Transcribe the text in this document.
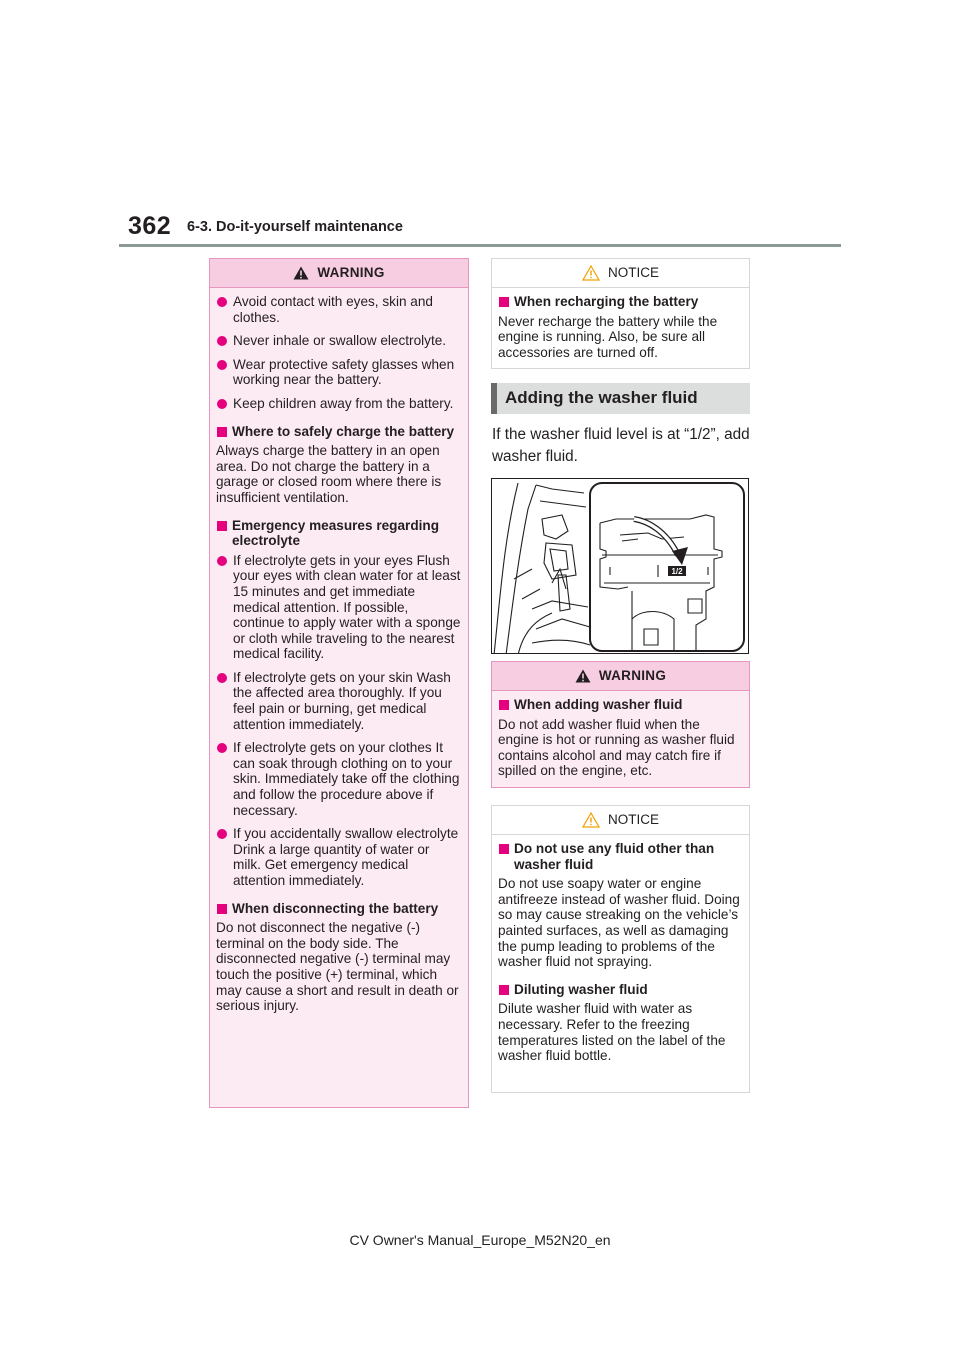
362 6-3. Do-it-yourself maintenance
WARNING
Avoid contact with eyes, skin and clothes.
Never inhale or swallow electrolyte.
Wear protective safety glasses when working near the battery.
Keep children away from the battery.
Where to safely charge the battery

Always charge the battery in an open area. Do not charge the battery in a garage or closed room where there is insufficient ventilation.

Emergency measures regarding electrolyte
If electrolyte gets in your eyes Flush your eyes with clean water for at least 15 minutes and get immediate medical attention. If possible, continue to apply water with a sponge or cloth while traveling to the nearest medical facility.
If electrolyte gets on your skin Wash the affected area thoroughly. If you feel pain or burning, get medical attention immediately.
If electrolyte gets on your clothes It can soak through clothing on to your skin. Immediately take off the clothing and follow the procedure above if necessary.
If you accidentally swallow electrolyte Drink a large quantity of water or milk. Get emergency medical attention immediately.
When disconnecting the battery

Do not disconnect the negative (-) terminal on the body side. The disconnected negative (-) terminal may touch the positive (+) terminal, which may cause a short and result in death or serious injury.

NOTICE
When recharging the battery

Never recharge the battery while the engine is running. Also, be sure all accessories are turned off.

Adding the washer fluid
If the washer fluid level is at “1/2”, add washer fluid.
1/2
WARNING
When adding washer fluid

Do not add washer fluid when the engine is hot or running as washer fluid contains alcohol and may catch fire if spilled on the engine, etc.

NOTICE
Do not use any fluid other than washer fluid

Do not use soapy water or engine antifreeze instead of washer fluid. Doing so may cause streaking on the vehicle’s painted surfaces, as well as damaging the pump leading to problems of the washer fluid not spraying.

Diluting washer fluid

Dilute washer fluid with water as necessary. Refer to the freezing temperatures listed on the label of the washer fluid bottle.

CV Owner's Manual_Europe_M52N20_en
